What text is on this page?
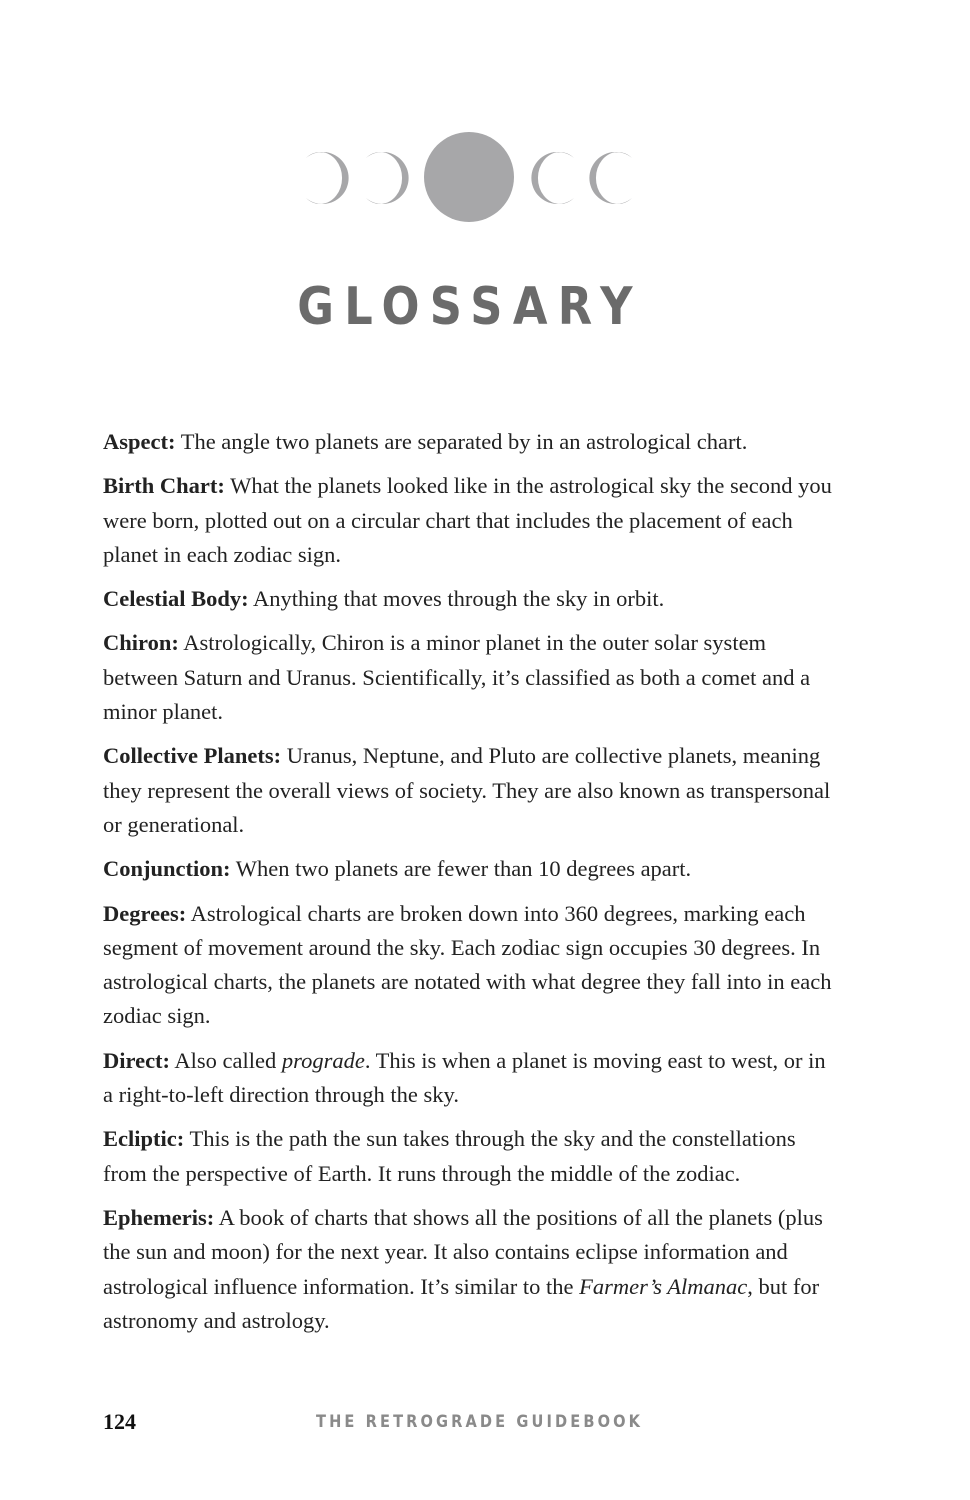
GLOSSARY

Aspect: The angle two planets are separated by in an astrological chart.

Birth Chart: What the planets looked like in the astrological sky the second you were born, plotted out on a circular chart that includes the placement of each planet in each zodiac sign.

Celestial Body: Anything that moves through the sky in orbit.

Chiron: Astrologically, Chiron is a minor planet in the outer solar system between Saturn and Uranus. Scientifically, it’s classified as both a comet and a minor planet.

Collective Planets: Uranus, Neptune, and Pluto are collective planets, meaning they represent the overall views of society. They are also known as transpersonal or generational.

Conjunction: When two planets are fewer than 10 degrees apart.

Degrees: Astrological charts are broken down into 360 degrees, marking each segment of movement around the sky. Each zodiac sign occupies 30 degrees. In astrological charts, the planets are notated with what degree they fall into in each zodiac sign.

Direct: Also called prograde. This is when a planet is moving east to west, or in a right-to-left direction through the sky.

Ecliptic: This is the path the sun takes through the sky and the constellations from the perspective of Earth. It runs through the middle of the zodiac.

Ephemeris: A book of charts that shows all the positions of all the planets (plus the sun and moon) for the next year. It also contains eclipse information and astrological influence information. It’s similar to the Farmer’s Almanac, but for astronomy and astrology.

124	THE RETROGRADE GUIDEBOOK
